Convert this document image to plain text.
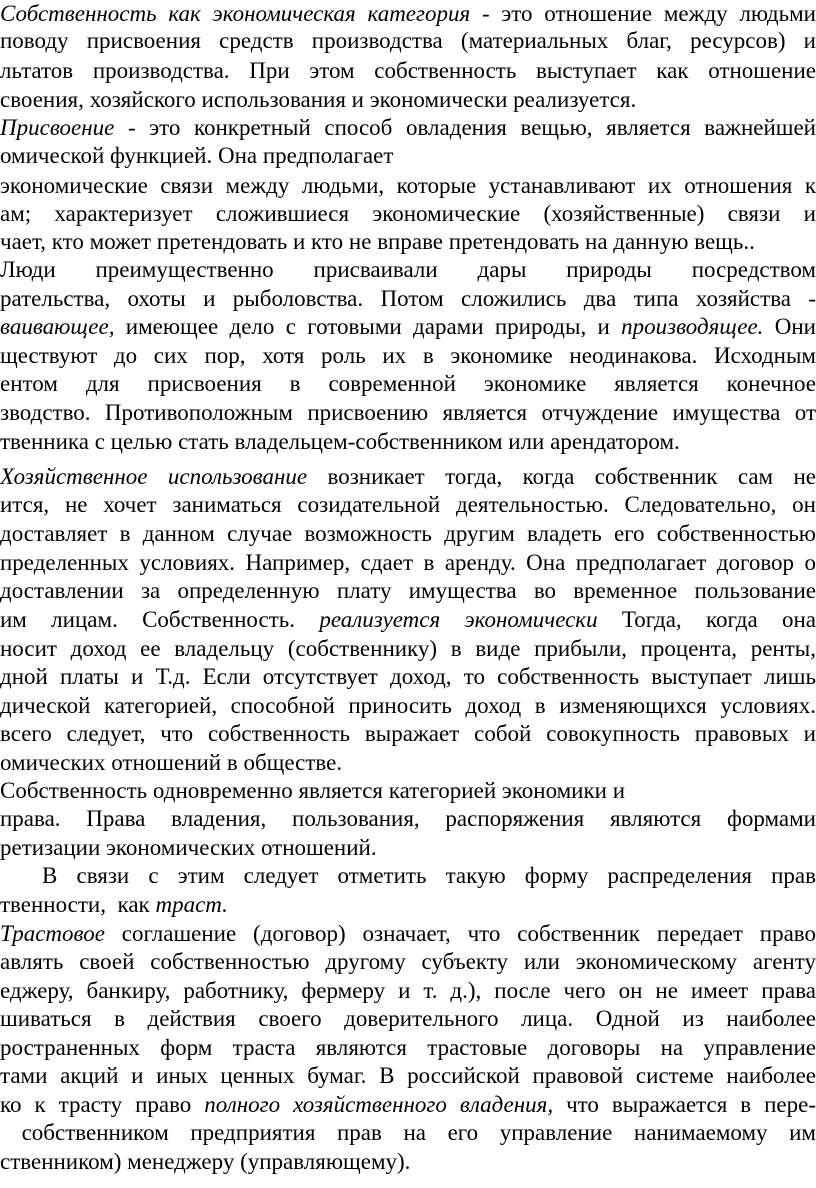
Собственность как экономическая категория - это отношение между людьми
поводу присвоения средств производства (материальных благ, ресурсов) и
льтатов производства. При этом собственность выступает как отношение
своения, хозяйского использования и экономически реализуется.
Присвоение - это конкретный способ овладения вещью, является важнейшей
омической функцией. Она предполагает
экономические связи между людьми, которые устанавливают их отношения к
ам; характеризует сложившиеся экономические (хозяйственные) связи и
чает, кто может претендовать и кто не вправе претендовать на данную вещь..
Люди преимущественно присваивали дары природы посредством
рательства, охоты и рыболовства. Потом сложились два типа хозяйства -
ваивающее, имеющее дело с готовыми дарами природы, и производящее. Они
ществуют до сих пор, хотя роль их в экономике неодинакова. Исходным
ентом для присвоения в современной экономике является конечное
зводство. Противоположным присвоению является отчуждение имущества от
твенника с целью стать владельцем-собственником или арендатором.
Хозяйственное использование возникает тогда, когда собственник сам не
ится, не хочет заниматься созидательной деятельностью. Следовательно, он
доставляет в данном случае возможность другим владеть его собственностью
пределенных условиях. Например, сдает в аренду. Она предполагает договор о
доставлении за определенную плату имущества во временное пользование
им лицам. Собственность. реализуется экономически Тогда, когда она
носит доход ее владельцу (собственнику) в виде прибыли, процента, ренты,
дной платы и Т.д. Если отсутствует доход, то собственность выступает лишь
дической категорией, способной приносить доход в изменяющихся условиях.
всего следует, что собственность выражает собой совокупность правовых и
омических отношений в обществе.
Собственность одновременно является категорией экономики и
права. Права владения, пользования, распоряжения являются формами
ретизации экономических отношений.
В связи с этим следует отметить такую форму распределения прав
твенности,  как траст.
Трастовое соглашение (договор) означает, что собственник передает право
авлять своей собственностью другому субъекту или экономическому агенту
еджеру, банкиру, работнику, фермеру и т. д.), после чего он не имеет права
шиваться в действия своего доверительного лица. Одной из наиболее
ространенных форм траста являются трастовые договоры на управление
тами акций и иных ценных бумаг. В российской правовой системе наиболее
ко к трасту право полного хозяйственного владения, что выражается в пере-
собственником предприятия прав на его управление нанимаемому им
ственником) менеджеру (управляющему).
